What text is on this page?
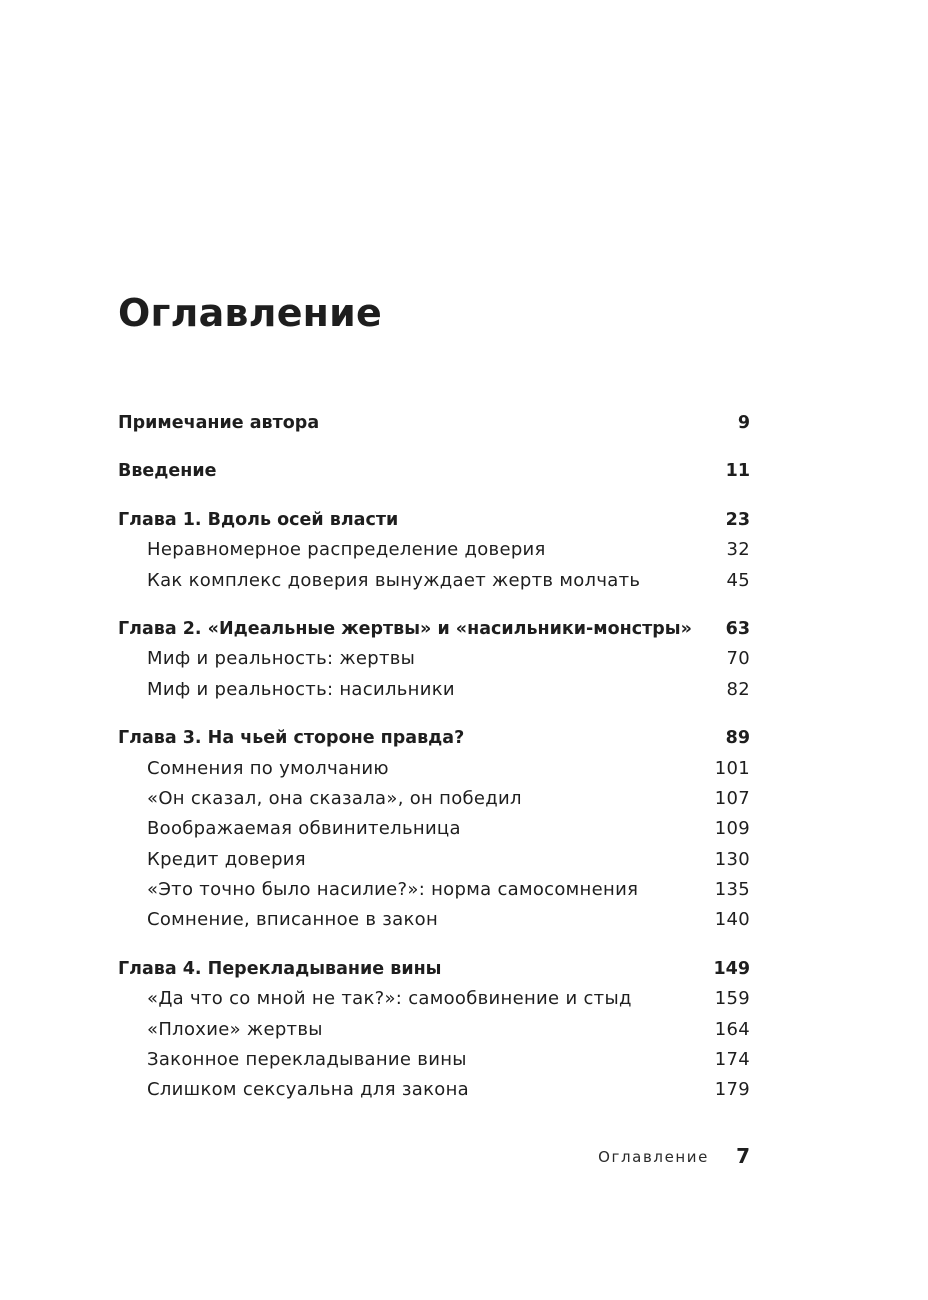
Оглавление
Примечание автора	9
Введение	11
Глава 1. Вдоль осей власти	23
Неравномерное распределение доверия	32
Как комплекс доверия вынуждает жертв молчать	45
Глава 2. «Идеальные жертвы» и «насильники-монстры» 63
Миф и реальность: жертвы	70
Миф и реальность: насильники	82
Глава 3. На чьей стороне правда?	89
Сомнения по умолчанию	101
«Он сказал, она сказала», он победил	107
Воображаемая обвинительница	109
Кредит доверия	130
«Это точно было насилие?»: норма самосомнения	135
Сомнение, вписанное в закон	140
Глава 4. Перекладывание вины	149
«Да что со мной не так?»: самообвинение и стыд	159
«Плохие» жертвы	164
Законное перекладывание вины	174
Слишком сексуальна для закона	179
Оглавление 7
